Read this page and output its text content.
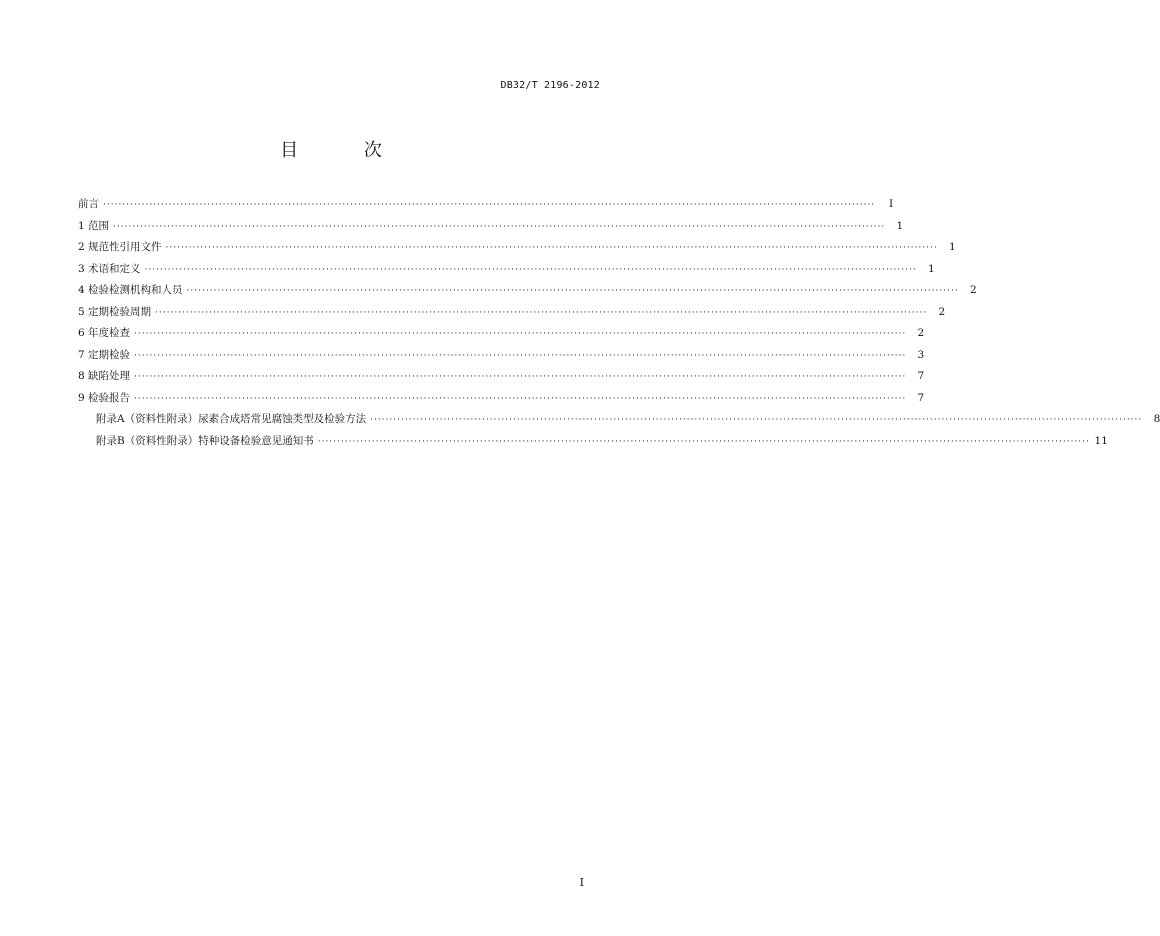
DB32/T 2196-2012
目 次
前言 ········································································································································································································	I
1 范围 ········································································································································································································	1
2 规范性引用文件 ········································································································································································································	1
3 术语和定义 ········································································································································································································	1
4 检验检测机构和人员 ········································································································································································································	2
5 定期检验周期 ········································································································································································································	2
6 年度检查 ········································································································································································································	2
7 定期检验 ········································································································································································································	3
8 缺陷处理 ········································································································································································································	7
9 检验报告 ········································································································································································································	7
附录A（资料性附录）尿素合成塔常见腐蚀类型及检验方法 ········································································································································································································	8
附录B（资料性附录）特种设备检验意见通知书 ········································································································································································································ 11
I
